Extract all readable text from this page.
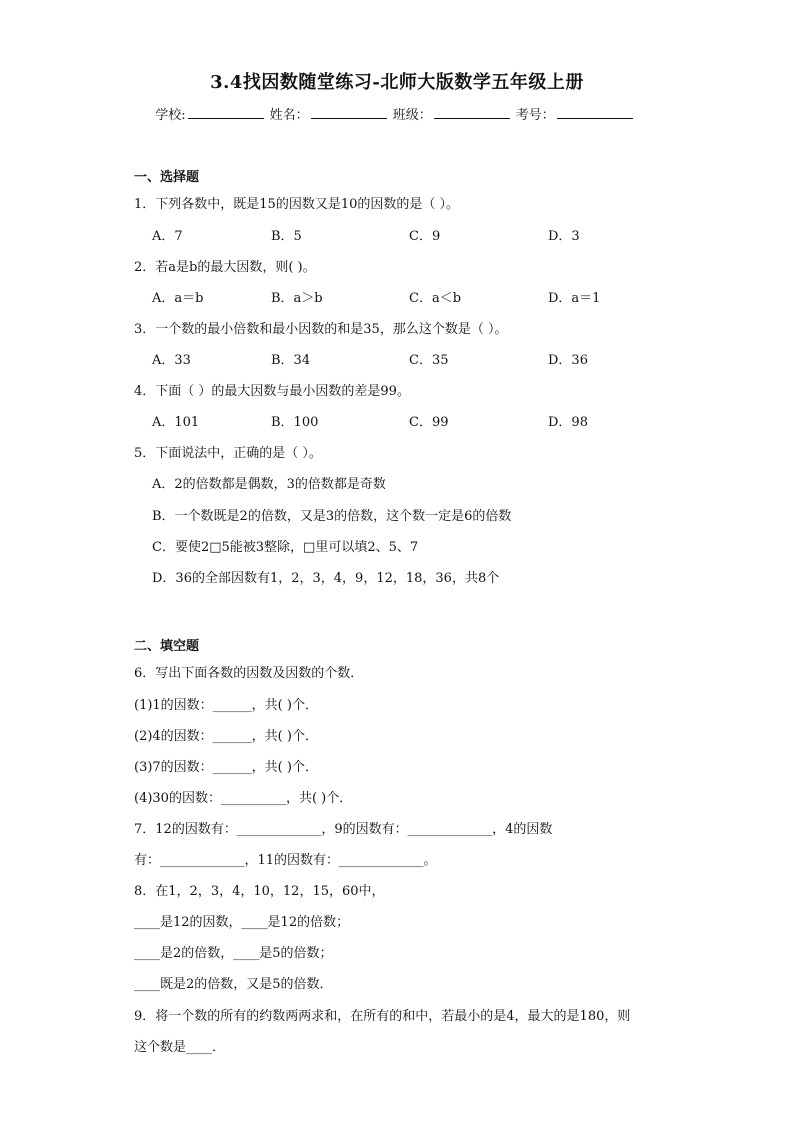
3.4找因数随堂练习-北师大版数学五年级上册
学校:	姓名：	班级：	考号：
一、选择题
1．下列各数中，既是15的因数又是10的因数的是（ ）。
A．7	B．5	C．9	D．3
2．若a是b的最大因数，则( )。
A．a＝b	B．a＞b	C．a＜b	D．a＝1
3．一个数的最小倍数和最小因数的和是35，那么这个数是（ ）。
A．33	B．34	C．35	D．36
4．下面（ ）的最大因数与最小因数的差是99。
A．101	B．100	C．99	D．98
5．下面说法中，正确的是（ ）。
A．2的倍数都是偶数，3的倍数都是奇数
B．一个数既是2的倍数，又是3的倍数，这个数一定是6的倍数
C．要使2□5能被3整除，□里可以填2、5、7
D．36的全部因数有1，2，3，4，9，12，18，36，共8个
二、填空题
6．写出下面各数的因数及因数的个数．
(1)1的因数：______，共( )个．
(2)4的因数：______，共( )个．
(3)7的因数：______，共( )个．
(4)30的因数：__________，共( )个．
7．12的因数有：_____________，9的因数有：_____________，4的因数
有：_____________，11的因数有：_____________。
8．在1，2，3，4，10，12，15，60中，
____是12的因数，____是12的倍数；
____是2的倍数，____是5的倍数；
____既是2的倍数，又是5的倍数．
9．将一个数的所有的约数两两求和，在所有的和中，若最小的是4，最大的是180，则
这个数是____．
